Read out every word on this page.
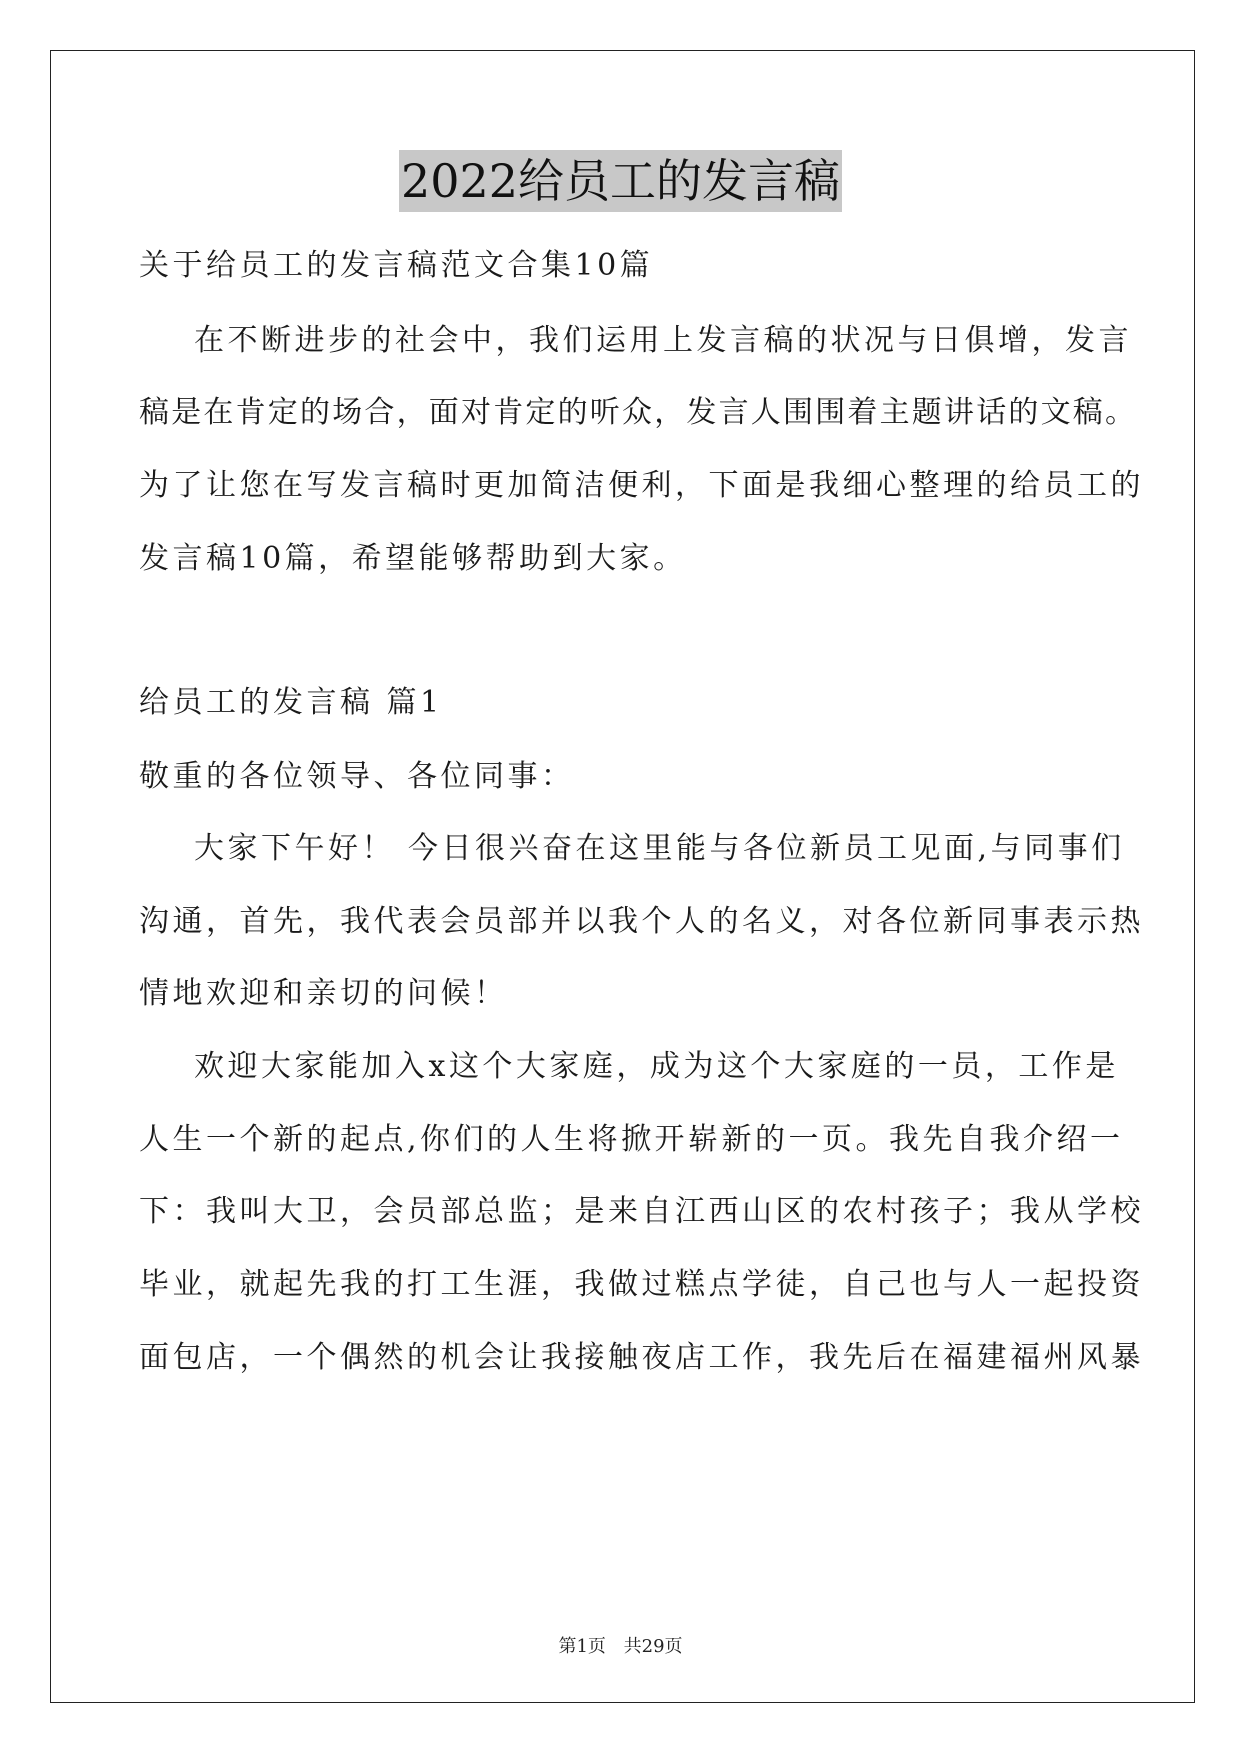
2022给员工的发言稿
关于给员工的发言稿范文合集10篇
在不断进步的社会中，我们运用上发言稿的状况与日俱增，发言
稿是在肯定的场合，面对肯定的听众，发言人围围着主题讲话的文稿。
为了让您在写发言稿时更加简洁便利，下面是我细心整理的给员工的
发言稿10篇，希望能够帮助到大家。
给员工的发言稿 篇1
敬重的各位领导、各位同事：
大家下午好！ 今日很兴奋在这里能与各位新员工见面,与同事们
沟通，首先，我代表会员部并以我个人的名义，对各位新同事表示热
情地欢迎和亲切的问候！
欢迎大家能加入x这个大家庭，成为这个大家庭的一员，工作是
人生一个新的起点,你们的人生将掀开崭新的一页。我先自我介绍一
下：我叫大卫，会员部总监；是来自江西山区的农村孩子；我从学校
毕业，就起先我的打工生涯，我做过糕点学徒，自己也与人一起投资
面包店，一个偶然的机会让我接触夜店工作，我先后在福建福州风暴
第1页 共29页
